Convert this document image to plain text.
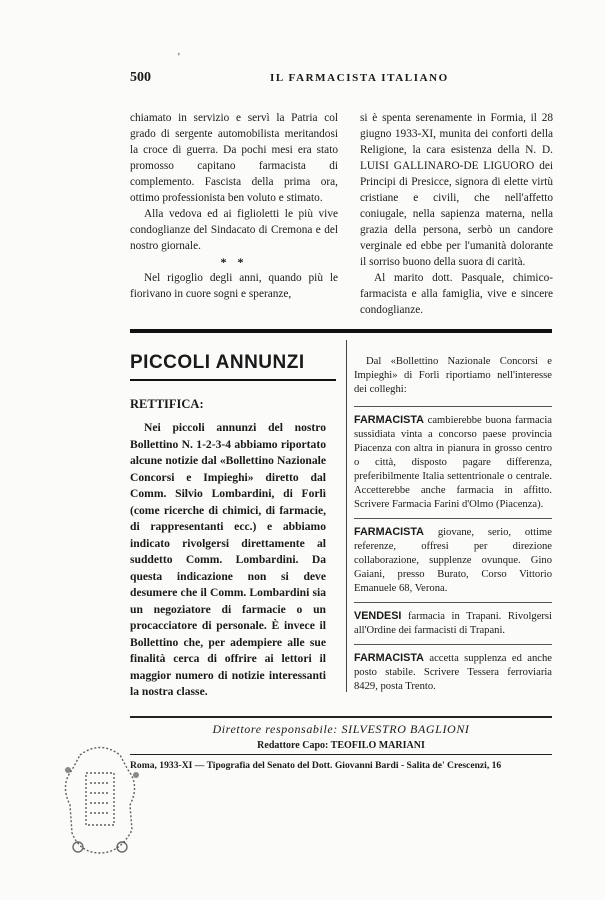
'
500	IL FARMACISTA ITALIANO

chiamato in servizio e servì la Patria col grado di sergente automobilista meritandosi la croce di guerra. Da pochi mesi era stato promosso capitano farmacista di complemento. Fascista della prima ora, ottimo professionista ben voluto e stimato.

Alla vedova ed ai figlioletti le più vive condoglianze del Sindacato di Cremona e del nostro giornale.

* *

Nel rigoglio degli anni, quando più le fiorivano in cuore sogni e speranze,

si è spenta serenamente in Formia, il 28 giugno 1933-XI, munita dei conforti della Religione, la cara esistenza della N. D. LUISI GALLINARO-DE LIGUORO dei Principi di Presicce, signora di elette virtù cristiane e civili, che nell'affetto coniugale, nella sapienza materna, nella grazia della persona, serbò un candore verginale ed ebbe per l'umanità dolorante il sorriso buono della suora di carità.

Al marito dott. Pasquale, chimico-farmacista e alla famiglia, vive e sincere condoglianze.

PICCOLI ANNUNZI
RETTIFICA:

Nei piccoli annunzi del nostro Bollettino N. 1-2-3-4 abbiamo riportato alcune notizie dal «Bollettino Nazionale Concorsi e Impieghi» diretto dal Comm. Silvio Lombardini, di Forlì (come ricerche di chimici, di farmacie, di rappresentanti ecc.) e abbiamo indicato rivolgersi direttamente al suddetto Comm. Lombardini. Da questa indicazione non si deve desumere che il Comm. Lombardini sia un negoziatore di farmacie o un procacciatore di personale. È invece il Bollettino che, per adempiere alle sue finalità cerca di offrire ai lettori il maggior numero di notizie interessanti la nostra classe.

Dal «Bollettino Nazionale Concorsi e Impieghi» di Forlì riportiamo nell'interesse dei colleghi:

FARMACISTA cambierebbe buona farmacia sussidiata vinta a concorso paese provincia Piacenza con altra in pianura in grosso centro o città, disposto pagare differenza, preferibilmente Italia settentrionale o centrale. Accetterebbe anche farmacia in affitto. Scrivere Farmacia Farini d'Olmo (Piacenza).

FARMACISTA giovane, serio, ottime referenze, offresi per direzione collaborazione, supplenze ovunque. Gino Gaiani, presso Burato, Corso Vittorio Emanuele 68, Verona.

VENDESI farmacia in Trapani. Rivolgersi all'Ordine dei farmacisti di Trapani.

FARMACISTA accetta supplenza ed anche posto stabile. Scrivere Tessera ferroviaria 8429, posta Trento.

Direttore responsabile: SILVESTRO BAGLIONI
Redattore Capo: TEOFILO MARIANI
Roma, 1933-XI — Tipografia del Senato del Dott. Giovanni Bardi - Salita de' Crescenzi, 16
